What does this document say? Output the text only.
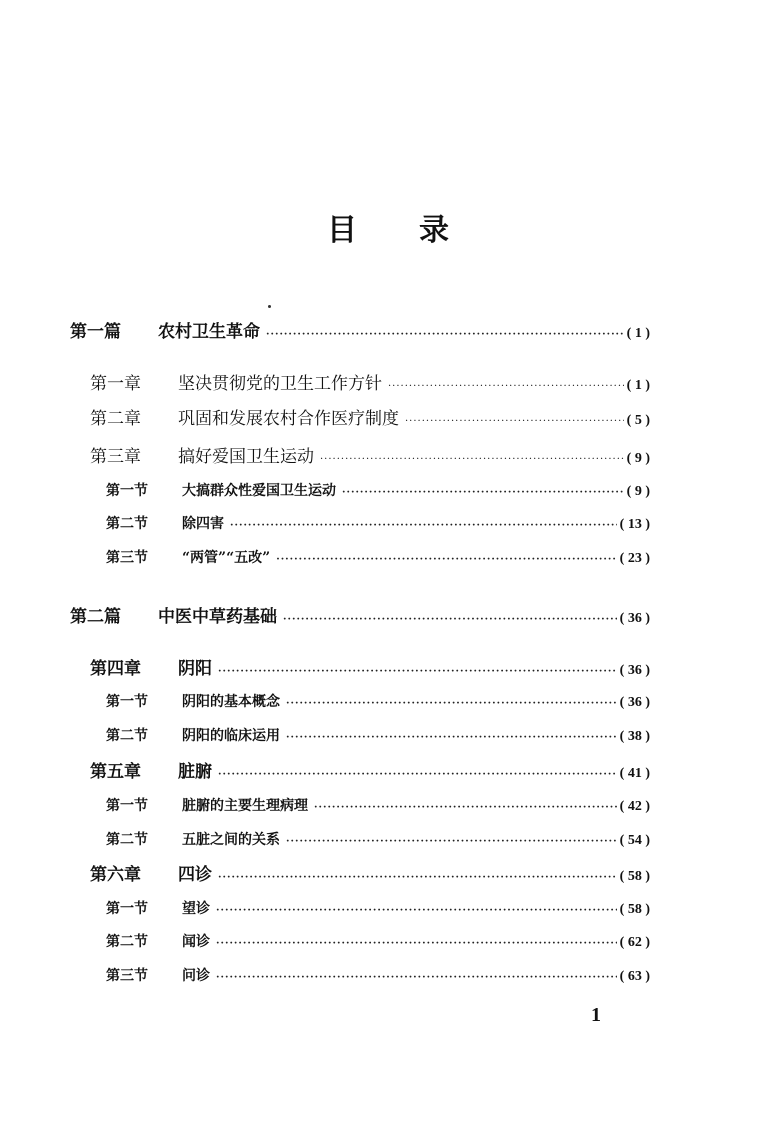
目 录
第一篇	农村卫生革命 ·····	( 1 )
第一章	坚决贯彻党的卫生工作方针 ·····	( 1 )
第二章	巩固和发展农村合作医疗制度 ·····	( 5 )
第三章	搞好爱国卫生运动 ·····	( 9 )
第一节	大搞群众性爱国卫生运动 ·····	( 9 )
第二节	除四害 ·····	( 13 )
第三节	“两管”“五改” ·····	( 23 )
第二篇	中医中草药基础 ·····	( 36 )
第四章	阴阳 ·····	( 36 )
第一节	阴阳的基本概念 ·····	( 36 )
第二节	阴阳的临床运用 ·····	( 38 )
第五章	脏腑 ·····	( 41 )
第一节	脏腑的主要生理病理 ·····	( 42 )
第二节	五脏之间的关系 ·····	( 54 )
第六章	四诊 ·····	( 58 )
第一节	望诊 ·····	( 58 )
第二节	闻诊 ·····	( 62 )
第三节	问诊 ·····	( 63 )
1
